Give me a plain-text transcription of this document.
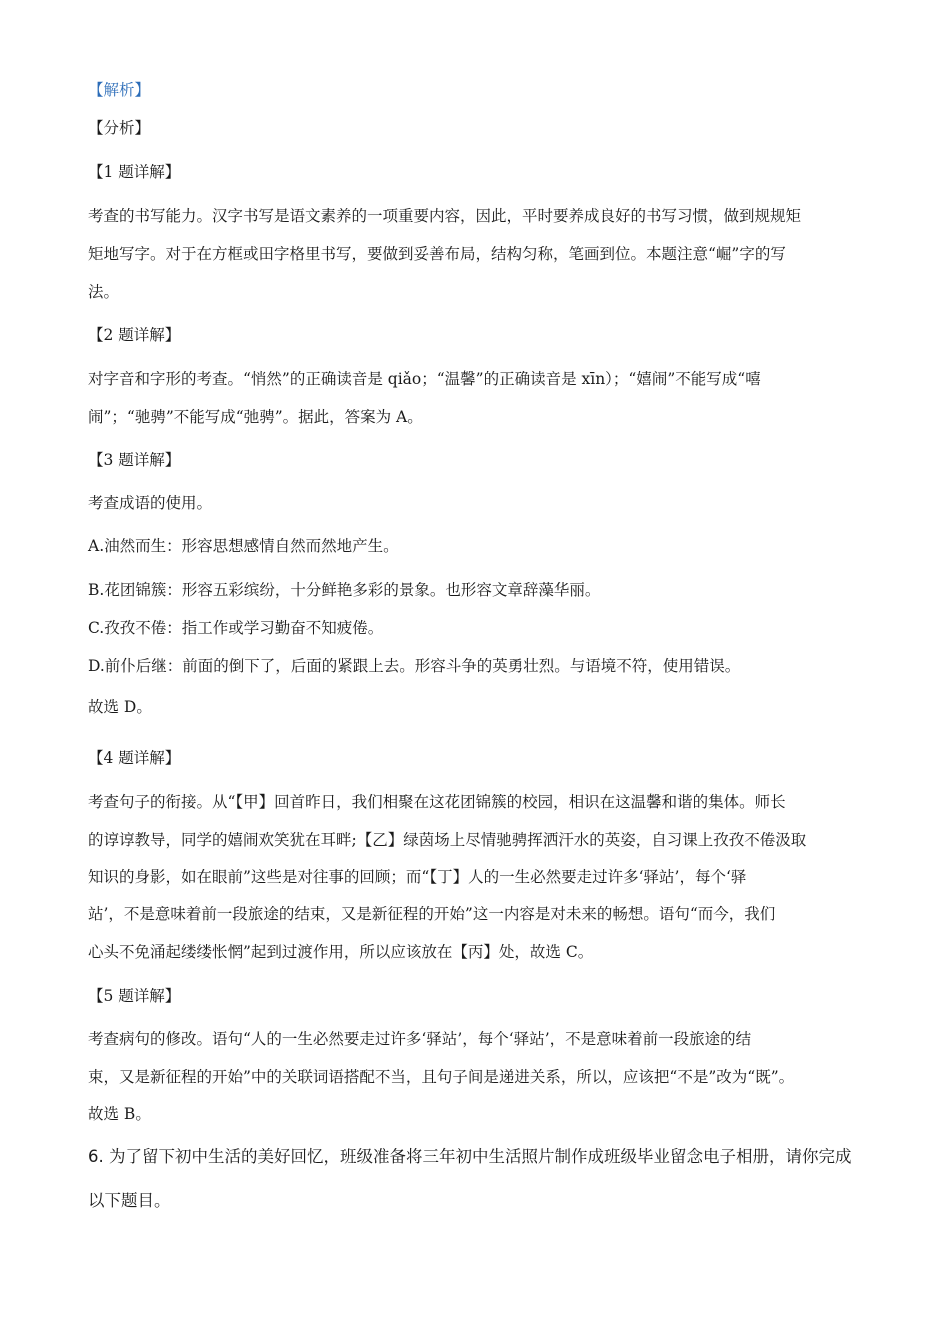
【解析】
【分析】
【1 题详解】
考查的书写能力。汉字书写是语文素养的一项重要内容，因此，平时要养成良好的书写习惯，做到规规矩
矩地写字。对于在方框或田字格里书写，要做到妥善布局，结构匀称，笔画到位。本题注意“崛”字的写
法。
【2 题详解】
对字音和字形的考查。“悄然”的正确读音是 qiǎo；“温馨”的正确读音是 xīn）；“嬉闹”不能写成“嘻
闹”；“驰骋”不能写成“弛骋”。据此，答案为 A。
【3 题详解】
考查成语的使用。
A.油然而生：形容思想感情自然而然地产生。
B.花团锦簇：形容五彩缤纷，十分鲜艳多彩的景象。也形容文章辞藻华丽。
C.孜孜不倦：指工作或学习勤奋不知疲倦。
D.前仆后继：前面的倒下了，后面的紧跟上去。形容斗争的英勇壮烈。与语境不符，使用错误。
故选 D。
【4 题详解】
考查句子的衔接。从“【甲】回首昨日，我们相聚在这花团锦簇的校园，相识在这温馨和谐的集体。师长
的谆谆教导，同学的嬉闹欢笑犹在耳畔;【乙】绿茵场上尽情驰骋挥洒汗水的英姿，自习课上孜孜不倦汲取
知识的身影，如在眼前”这些是对往事的回顾；而“【丁】人的一生必然要走过许多‘驿站’，每个‘驿
站’，不是意味着前一段旅途的结束，又是新征程的开始”这一内容是对未来的畅想。语句“而今，我们
心头不免涌起缕缕怅惘”起到过渡作用，所以应该放在【丙】处，故选 C。
【5 题详解】
考查病句的修改。语句“人的一生必然要走过许多‘驿站’，每个‘驿站’，不是意味着前一段旅途的结
束，又是新征程的开始”中的关联词语搭配不当，且句子间是递进关系，所以，应该把“不是”改为“既”。
故选 B。
6. 为了留下初中生活的美好回忆，班级准备将三年初中生活照片制作成班级毕业留念电子相册，请你完成
以下题目。
